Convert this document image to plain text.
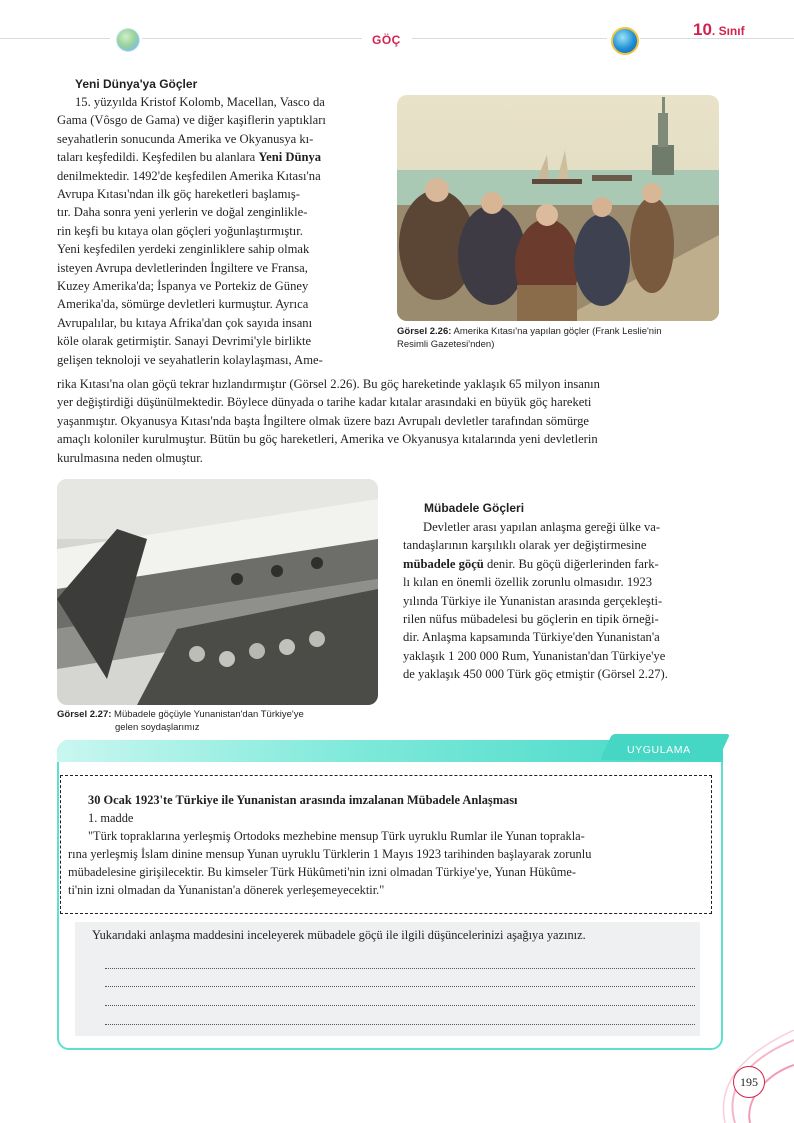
GÖÇ
10. Sınıf
Yeni Dünya'ya Göçler
15. yüzyılda Kristof Kolomb, Macellan, Vasco da
Gama (Vôsgo de Gama) ve diğer kaşiflerin yaptıkları
seyahatlerin sonucunda Amerika ve Okyanusya kı-
taları keşfedildi. Keşfedilen bu alanlara Yeni Dünya
denilmektedir. 1492'de keşfedilen Amerika Kıtası'na
Avrupa Kıtası'ndan ilk göç hareketleri başlamış-
tır. Daha sonra yeni yerlerin ve doğal zenginlikle-
rin keşfi bu kıtaya olan göçleri yoğunlaştırmıştır.
Yeni keşfedilen yerdeki zenginliklere sahip olmak
isteyen Avrupa devletlerinden İngiltere ve Fransa,
Kuzey Amerika'da; İspanya ve Portekiz de Güney
Amerika'da, sömürge devletleri kurmuştur. Ayrıca
Avrupalılar, bu kıtaya Afrika'dan çok sayıda insanı
köle olarak getirmiştir. Sanayi Devrimi'yle birlikte
gelişen teknoloji ve seyahatlerin kolaylaşması, Ame-
rika Kıtası'na olan göçü tekrar hızlandırmıştır (Görsel 2.26). Bu göç hareketinde yaklaşık 65 milyon insanın
yer değiştirdiği düşünülmektedir. Böylece dünyada o tarihe kadar kıtalar arasındaki en büyük göç hareketi
yaşanmıştır. Okyanusya Kıtası'nda başta İngiltere olmak üzere bazı Avrupalı devletler tarafından sömürge
amaçlı koloniler kurulmuştur. Bütün bu göç hareketleri, Amerika ve Okyanusya kıtalarında yeni devletlerin
kurulmasına neden olmuştur.
Görsel 2.26: Amerika Kıtası'na yapılan göçler (Frank Leslie'nin
Resimli Gazetesi'nden)
Görsel 2.27: Mübadele göçüyle Yunanistan'dan Türkiye'ye
gelen soydaşlarımız
Mübadele Göçleri
Devletler arası yapılan anlaşma gereği ülke va-
tandaşlarının karşılıklı olarak yer değiştirmesine
mübadele göçü denir. Bu göçü diğerlerinden fark-
lı kılan en önemli özellik zorunlu olmasıdır. 1923
yılında Türkiye ile Yunanistan arasında gerçekleşti-
rilen nüfus mübadelesi bu göçlerin en tipik örneği-
dir. Anlaşma kapsamında Türkiye'den Yunanistan'a
yaklaşık 1 200 000 Rum, Yunanistan'dan Türkiye'ye
de yaklaşık 450 000 Türk göç etmiştir (Görsel 2.27).
UYGULAMA
30 Ocak 1923'te Türkiye ile Yunanistan arasında imzalanan Mübadele Anlaşması
1. madde
"Türk topraklarına yerleşmiş Ortodoks mezhebine mensup Türk uyruklu Rumlar ile Yunan toprakla-
rına yerleşmiş İslam dinine mensup Yunan uyruklu Türklerin 1 Mayıs 1923 tarihinden başlayarak zorunlu
mübadelesine girişilecektir. Bu kimseler Türk Hükûmeti'nin izni olmadan Türkiye'ye, Yunan Hükûme-
ti'nin izni olmadan da Yunanistan'a dönerek yerleşemeyecektir."
Yukarıdaki anlaşma maddesini inceleyerek mübadele göçü ile ilgili düşüncelerinizi aşağıya yazınız.
195
